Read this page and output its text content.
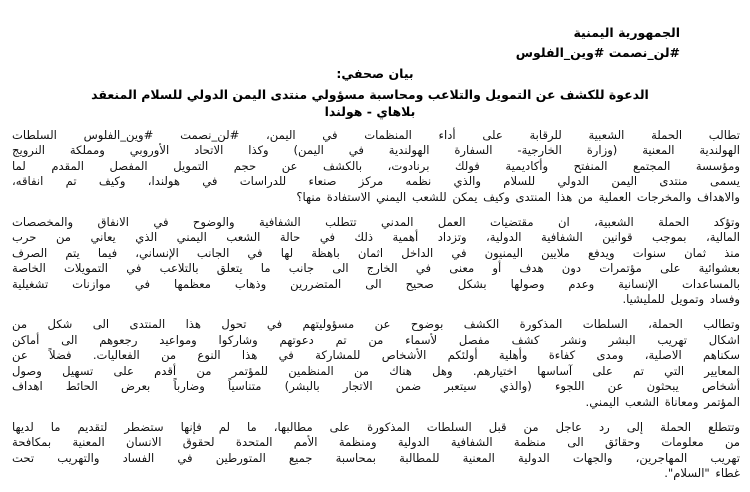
الجمهورية اليمنية
#لن_نصمت #وين_الفلوس
بيان صحفي:
الدعوة للكشف عن التمويل والتلاعب ومحاسبة مسؤولي منتدى اليمن الدولي للسلام المنعقد
بلاهاي - هولندا

تطالب الحملة الشعبية للرقابة على أداء المنظمات في اليمن، #لن_نصمت #وين_الفلوس السلطات
الهولندية المعنية (وزارة الخارجية- السفارة الهولندية في اليمن) وكذا الاتحاد الأوروبي ومملكة النرويج
ومؤسسة المجتمع المنفتح وأكاديمية فولك برنادوت، بالكشف عن حجم التمويل المفصل المقدم لما
يسمى منتدى اليمن الدولي للسلام والذي نظمه مركز صنعاء للدراسات في هولندا، وكيف تم انفاقه،
والاهداف والمخرجات العملية من هذا المنتدى وكيف يمكن للشعب اليمني الاستفادة منها؟

وتؤكد الحملة الشعبية، ان مقتضيات العمل المدني تتطلب الشفافية والوضوح في الانفاق والمخصصات
المالية، بموجب قوانين الشفافية الدولية، وتزداد أهمية ذلك في حالة الشعب اليمني الذي يعاني من حرب
منذ ثمان سنوات ويدفع ملايين اليمنيون في الداخل اثمان باهظة لها في الجانب الإنساني، فيما يتم الصرف
بعشوائية على مؤتمرات دون هدف أو معنى في الخارج الى جانب ما يتعلق بالتلاعب في التمويلات الخاصة
بالمساعدات الإنسانية وعدم وصولها بشكل صحيح الى المتضررين وذهاب معظمها في موازنات تشغيلية
وفساد وتمويل للمليشيا.

وتطالب الحملة، السلطات المذكورة الكشف بوضوح عن مسؤوليتهم في تحول هذا المنتدى الى شكل من
اشكال تهريب البشر ونشر كشف مفصل لأسماء من تم دعوتهم وشاركوا ومواعيد رجعوهم الى أماكن
سكناهم الاصلية، ومدى كفاءة وأهلية أولئكم الأشخاص للمشاركة في هذا النوع من الفعاليات. فضلاً عن
المعايير التي تم على آساسها اختيارهم. وهل هناك من المنظمين للمؤتمر من أقدم على تسهيل وصول
أشخاص يبحثون عن اللجوء (والذي سيتعبر ضمن الاتجار بالبشر) متناسياً وضارباً بعرض الحائط اهداف
المؤتمر ومعاناة الشعب اليمني.

وتتطلع الحملة إلى رد عاجل من قبل السلطات المذكورة على مطالبها، ما لم فإنها ستضطر لتقديم ما لديها
من معلومات وحقائق الى منظمة الشفافية الدولية ومنظمة الأمم المتحدة لحقوق الانسان المعنية بمكافحة
تهريب المهاجرين، والجهات الدولية المعنية للمطالبة بمحاسبة جميع المتورطين في الفساد والتهريب تحت
غطاء "السلام".
